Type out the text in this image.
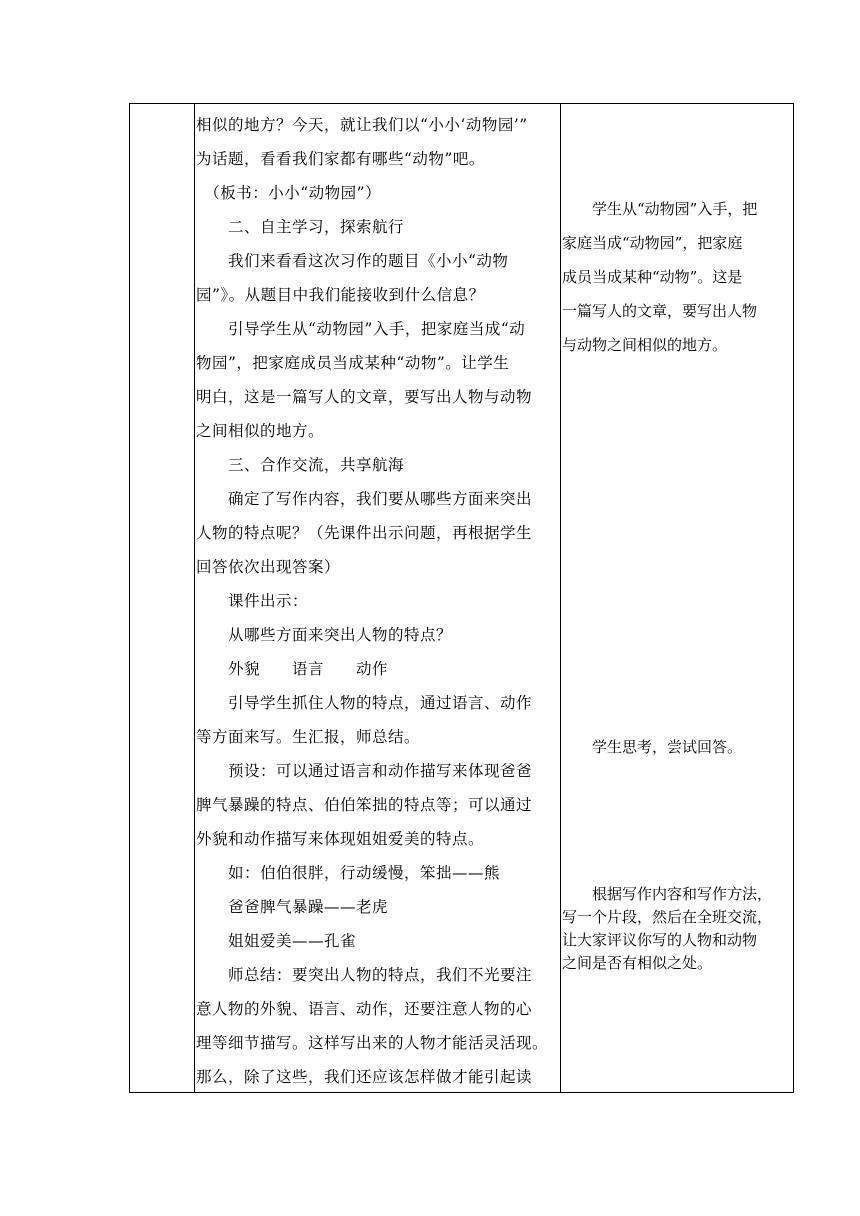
相似的地方？今天，就让我们以“小小‘动物园’”
为话题，看看我们家都有哪些“动物”吧。
　（板书：小小“动物园”）
　　二、自主学习，探索航行
　　我们来看看这次习作的题目《小小“动物
园”》。从题目中我们能接收到什么信息？
　　引导学生从“动物园”入手，把家庭当成“动
物园”，把家庭成员当成某种“动物”。让学生
明白，这是一篇写人的文章，要写出人物与动物
之间相似的地方。
　　三、合作交流，共享航海
　　确定了写作内容，我们要从哪些方面来突出
人物的特点呢？（先课件出示问题，再根据学生
回答依次出现答案）
　　课件出示：
　　从哪些方面来突出人物的特点？
　　外貌　　语言　　动作
　　引导学生抓住人物的特点，通过语言、动作
等方面来写。生汇报，师总结。
　　预设：可以通过语言和动作描写来体现爸爸
脾气暴躁的特点、伯伯笨拙的特点等；可以通过
外貌和动作描写来体现姐姐爱美的特点。
　　如：伯伯很胖，行动缓慢，笨拙——熊
　　爸爸脾气暴躁——老虎
　　姐姐爱美——孔雀
　　师总结：要突出人物的特点，我们不光要注
意人物的外貌、语言、动作，还要注意人物的心
理等细节描写。这样写出来的人物才能活灵活现。
那么，除了这些，我们还应该怎样做才能引起读
　　学生从“动物园”入手，把
家庭当成“动物园”，把家庭
成员当成某种“动物”。这是
一篇写人的文章，要写出人物
与动物之间相似的地方。
　　学生思考，尝试回答。
　　根据写作内容和写作方法，
写一个片段，然后在全班交流，
让大家评议你写的人物和动物
之间是否有相似之处。
